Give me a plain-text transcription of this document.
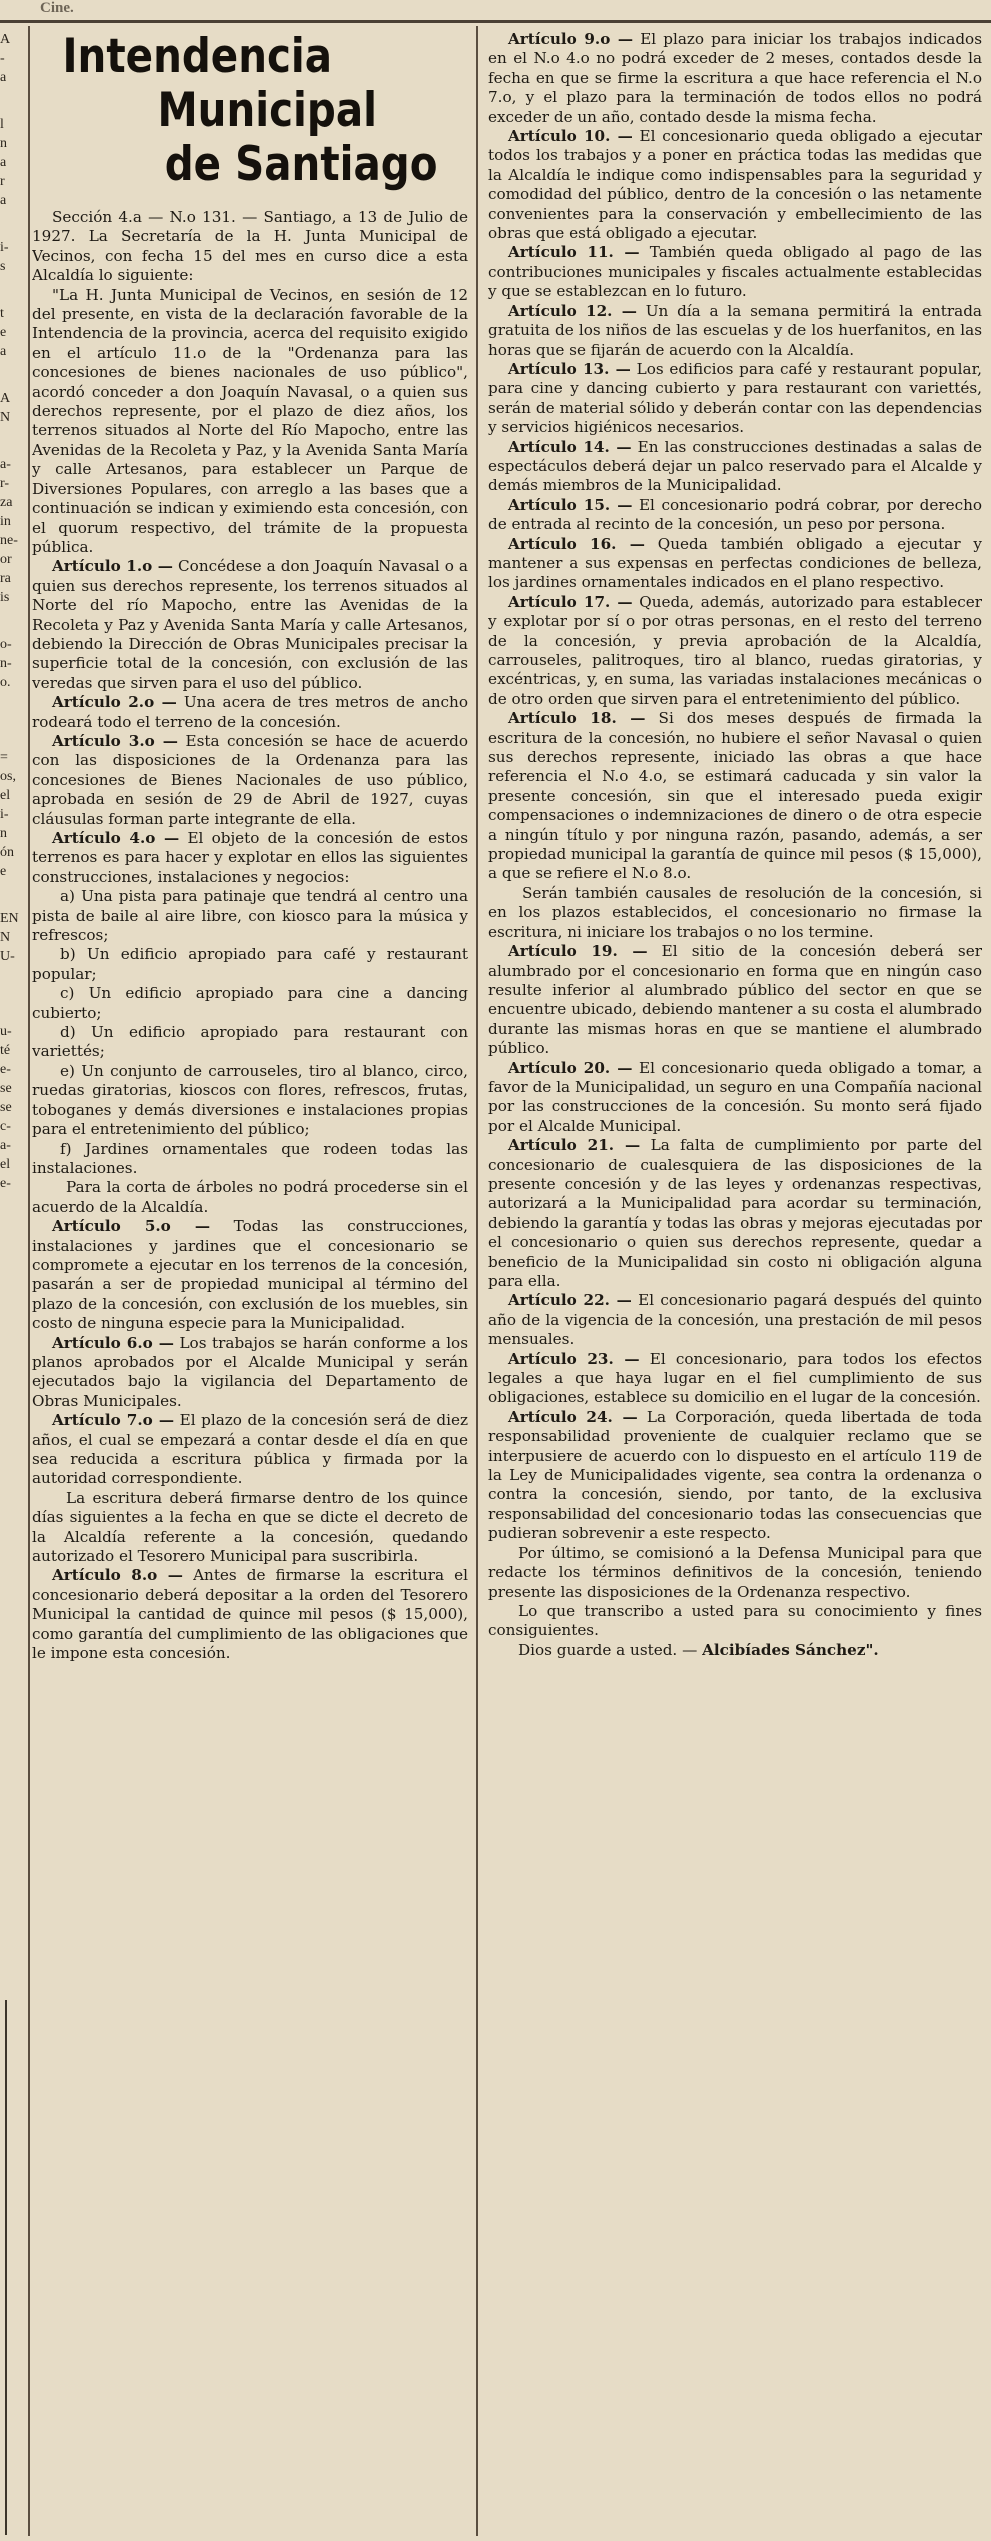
Cine.
A
-
a
l
n
a
r
a
i-
s
t
e
a
A
N
a-
r-
za
in
ne-
or
ra
is
o-
n-
o.
=
os,
el
i-
n
ón
e
EN
N
U-
u-
té
e-
se
se
c-
a-
el
e-
Intendencia
Municipal
de Santiago

Sección 4.a — N.o 131. — Santiago, a 13 de Julio de 1927. La Secretaría de la H. Junta Municipal de Vecinos, con fecha 15 del mes en curso dice a esta Alcaldía lo siguiente:

"La H. Junta Municipal de Vecinos, en sesión de 12 del presente, en vista de la declaración favorable de la Intendencia de la provincia, acerca del requisito exigido en el artículo 11.o de la "Ordenanza para las concesiones de bienes nacionales de uso público", acordó conceder a don Joaquín Navasal, o a quien sus derechos represente, por el plazo de diez años, los terrenos situados al Norte del Río Mapocho, entre las Avenidas de la Recoleta y Paz, y la Avenida Santa María y calle Artesanos, para establecer un Parque de Diversiones Populares, con arreglo a las bases que a continuación se indican y eximiendo esta concesión, con el quorum respectivo, del trámite de la propuesta pública.

Artículo 1.o — Concédese a don Joaquín Navasal o a quien sus derechos represente, los terrenos situados al Norte del río Mapocho, entre las Avenidas de la Recoleta y Paz y Avenida Santa María y calle Artesanos, debiendo la Dirección de Obras Municipales precisar la superficie total de la concesión, con exclusión de las veredas que sirven para el uso del público.

Artículo 2.o — Una acera de tres metros de ancho rodeará todo el terreno de la concesión.

Artículo 3.o — Esta concesión se hace de acuerdo con las disposiciones de la Ordenanza para las concesiones de Bienes Nacionales de uso público, aprobada en sesión de 29 de Abril de 1927, cuyas cláusulas forman parte integrante de ella.

Artículo 4.o — El objeto de la concesión de estos terrenos es para hacer y explotar en ellos las siguientes construcciones, instalaciones y negocios:

a) Una pista para patinaje que tendrá al centro una pista de baile al aire libre, con kiosco para la música y refrescos;

b) Un edificio apropiado para café y restaurant popular;

c) Un edificio apropiado para cine a dancing cubierto;

d) Un edificio apropiado para restaurant con variettés;

e) Un conjunto de carrouseles, tiro al blanco, circo, ruedas giratorias, kioscos con flores, refrescos, frutas, toboganes y demás diversiones e instalaciones propias para el entretenimiento del público;

f) Jardines ornamentales que rodeen todas las instalaciones.

Para la corta de árboles no podrá procederse sin el acuerdo de la Alcaldía.

Artículo 5.o — Todas las construcciones, instalaciones y jardines que el concesionario se compromete a ejecutar en los terrenos de la concesión, pasarán a ser de propiedad municipal al término del plazo de la concesión, con exclusión de los muebles, sin costo de ninguna especie para la Municipalidad.

Artículo 6.o — Los trabajos se harán conforme a los planos aprobados por el Alcalde Municipal y serán ejecutados bajo la vigilancia del Departamento de Obras Municipales.

Artículo 7.o — El plazo de la concesión será de diez años, el cual se empezará a contar desde el día en que sea reducida a escritura pública y firmada por la autoridad correspondiente.

La escritura deberá firmarse dentro de los quince días siguientes a la fecha en que se dicte el decreto de la Alcaldía referente a la concesión, quedando autorizado el Tesorero Municipal para suscribirla.

Artículo 8.o — Antes de firmarse la escritura el concesionario deberá depositar a la orden del Tesorero Municipal la cantidad de quince mil pesos ($ 15,000), como garantía del cumplimiento de las obligaciones que le impone esta concesión.

Artículo 9.o — El plazo para iniciar los trabajos indicados en el N.o 4.o no podrá exceder de 2 meses, contados desde la fecha en que se firme la escritura a que hace referencia el N.o 7.o, y el plazo para la terminación de todos ellos no podrá exceder de un año, contado desde la misma fecha.

Artículo 10. — El concesionario queda obligado a ejecutar todos los trabajos y a poner en práctica todas las medidas que la Alcaldía le indique como indispensables para la seguridad y comodidad del público, dentro de la concesión o las netamente convenientes para la conservación y embellecimiento de las obras que está obligado a ejecutar.

Artículo 11. — También queda obligado al pago de las contribuciones municipales y fiscales actualmente establecidas y que se establezcan en lo futuro.

Artículo 12. — Un día a la semana permitirá la entrada gratuita de los niños de las escuelas y de los huerfanitos, en las horas que se fijarán de acuerdo con la Alcaldía.

Artículo 13. — Los edificios para café y restaurant popular, para cine y dancing cubierto y para restaurant con variettés, serán de material sólido y deberán contar con las dependencias y servicios higiénicos necesarios.

Artículo 14. — En las construcciones destinadas a salas de espectáculos deberá dejar un palco reservado para el Alcalde y demás miembros de la Municipalidad.

Artículo 15. — El concesionario podrá cobrar, por derecho de entrada al recinto de la concesión, un peso por persona.

Artículo 16. — Queda también obligado a ejecutar y mantener a sus expensas en perfectas condiciones de belleza, los jardines ornamentales indicados en el plano respectivo.

Artículo 17. — Queda, además, autorizado para establecer y explotar por sí o por otras personas, en el resto del terreno de la concesión, y previa aprobación de la Alcaldía, carrouseles, palitroques, tiro al blanco, ruedas giratorias, y excéntricas, y, en suma, las variadas instalaciones mecánicas o de otro orden que sirven para el entretenimiento del público.

Artículo 18. — Si dos meses después de firmada la escritura de la concesión, no hubiere el señor Navasal o quien sus derechos represente, iniciado las obras a que hace referencia el N.o 4.o, se estimará caducada y sin valor la presente concesión, sin que el interesado pueda exigir compensaciones o indemnizaciones de dinero o de otra especie a ningún título y por ninguna razón, pasando, además, a ser propiedad municipal la garantía de quince mil pesos ($ 15,000), a que se refiere el N.o 8.o.

Serán también causales de resolución de la concesión, si en los plazos establecidos, el concesionario no firmase la escritura, ni iniciare los trabajos o no los termine.

Artículo 19. — El sitio de la concesión deberá ser alumbrado por el concesionario en forma que en ningún caso resulte inferior al alumbrado público del sector en que se encuentre ubicado, debiendo mantener a su costa el alumbrado durante las mismas horas en que se mantiene el alumbrado público.

Artículo 20. — El concesionario queda obligado a tomar, a favor de la Municipalidad, un seguro en una Compañía nacional por las construcciones de la concesión. Su monto será fijado por el Alcalde Municipal.

Artículo 21. — La falta de cumplimiento por parte del concesionario de cualesquiera de las disposiciones de la presente concesión y de las leyes y ordenanzas respectivas, autorizará a la Municipalidad para acordar su terminación, debiendo la garantía y todas las obras y mejoras ejecutadas por el concesionario o quien sus derechos represente, quedar a beneficio de la Municipalidad sin costo ni obligación alguna para ella.

Artículo 22. — El concesionario pagará después del quinto año de la vigencia de la concesión, una prestación de mil pesos mensuales.

Artículo 23. — El concesionario, para todos los efectos legales a que haya lugar en el fiel cumplimiento de sus obligaciones, establece su domicilio en el lugar de la concesión.

Artículo 24. — La Corporación, queda libertada de toda responsabilidad proveniente de cualquier reclamo que se interpusiere de acuerdo con lo dispuesto en el artículo 119 de la Ley de Municipalidades vigente, sea contra la ordenanza o contra la concesión, siendo, por tanto, de la exclusiva responsabilidad del concesionario todas las consecuencias que pudieran sobrevenir a este respecto.

Por último, se comisionó a la Defensa Municipal para que redacte los términos definitivos de la concesión, teniendo presente las disposiciones de la Ordenanza respectivo.

Lo que transcribo a usted para su conocimiento y fines consiguientes.

Dios guarde a usted. — Alcibíades Sánchez".
